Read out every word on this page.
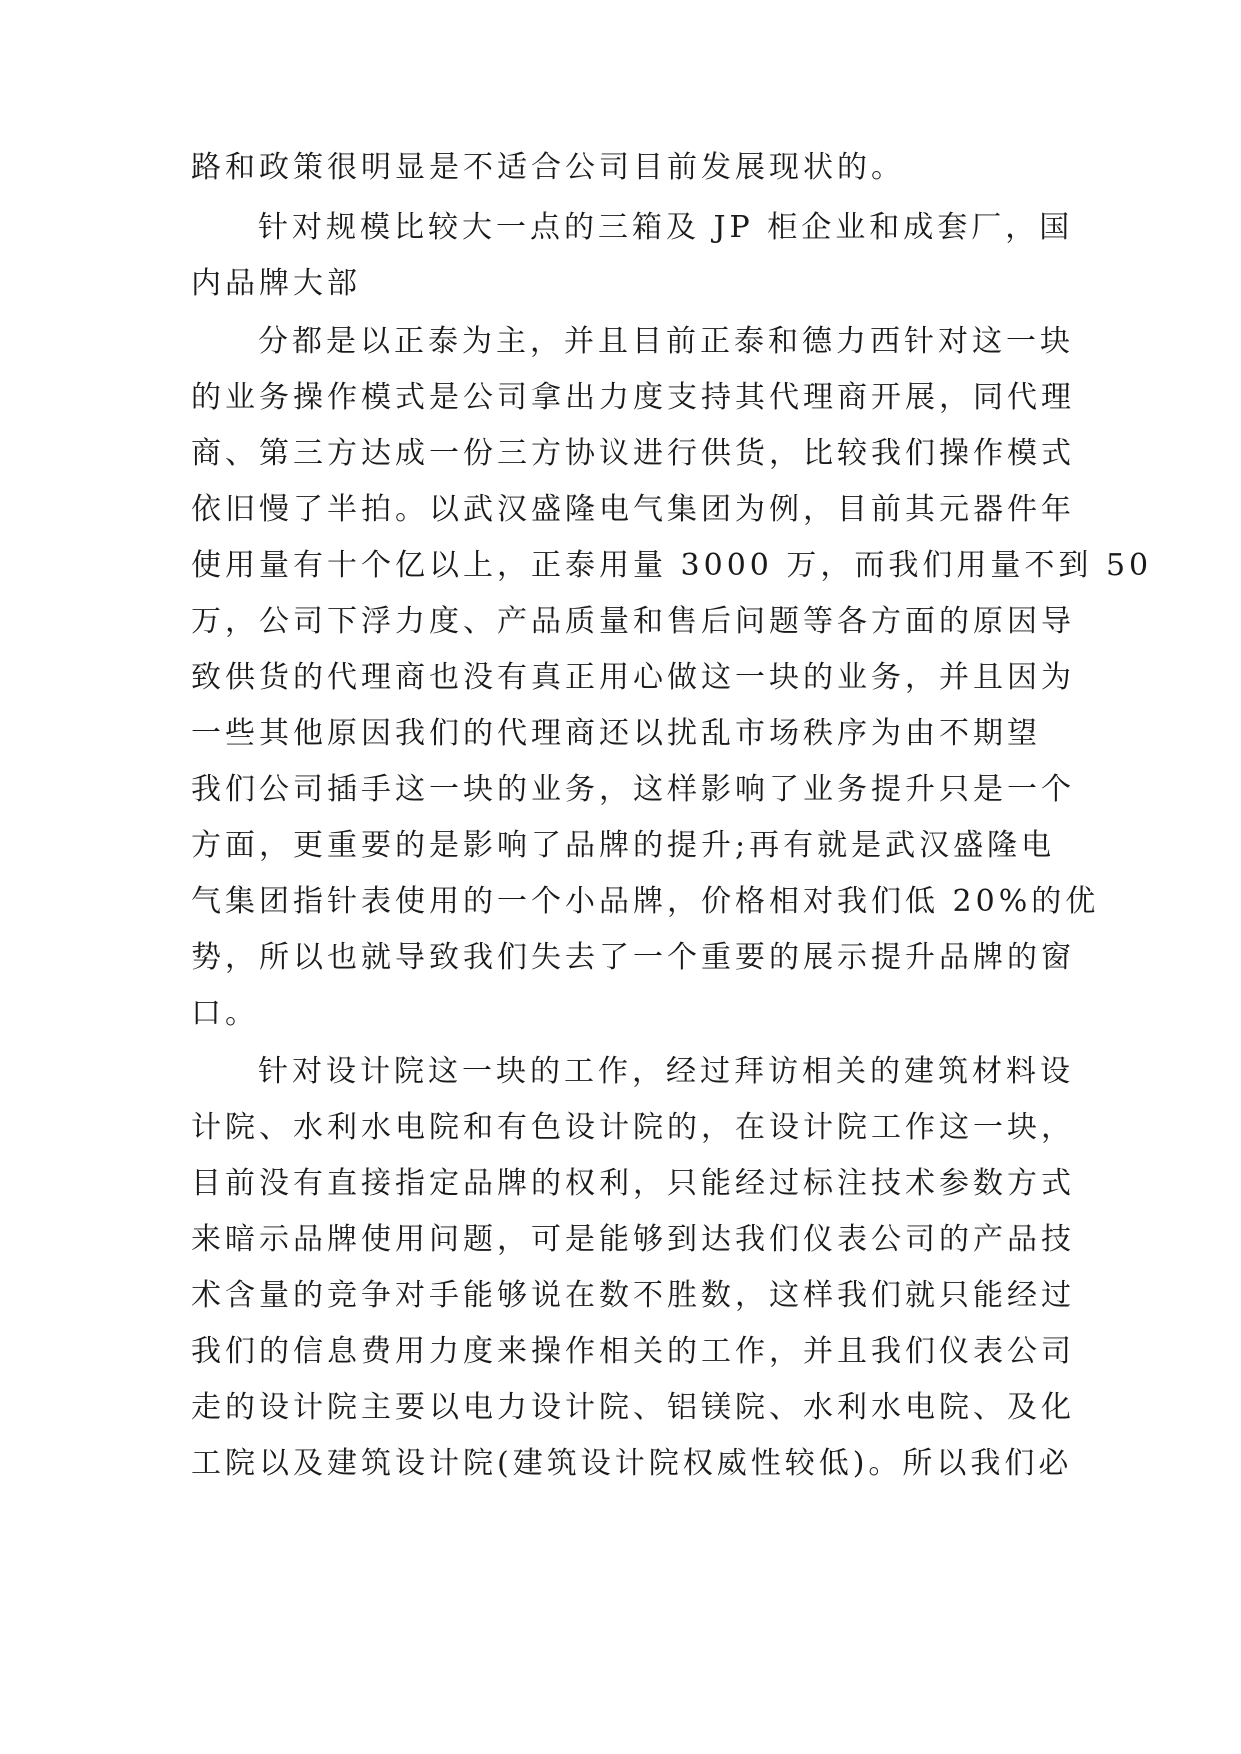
路和政策很明显是不适合公司目前发展现状的。
针对规模比较大一点的三箱及 JP 柜企业和成套厂，国
内品牌大部
分都是以正泰为主，并且目前正泰和德力西针对这一块
的业务操作模式是公司拿出力度支持其代理商开展，同代理
商、第三方达成一份三方协议进行供货，比较我们操作模式
依旧慢了半拍。以武汉盛隆电气集团为例，目前其元器件年
使用量有十个亿以上，正泰用量 3000 万，而我们用量不到 50
万，公司下浮力度、产品质量和售后问题等各方面的原因导
致供货的代理商也没有真正用心做这一块的业务，并且因为
一些其他原因我们的代理商还以扰乱市场秩序为由不期望
我们公司插手这一块的业务，这样影响了业务提升只是一个
方面，更重要的是影响了品牌的提升;再有就是武汉盛隆电
气集团指针表使用的一个小品牌，价格相对我们低 20%的优
势，所以也就导致我们失去了一个重要的展示提升品牌的窗
口。
针对设计院这一块的工作，经过拜访相关的建筑材料设
计院、水利水电院和有色设计院的，在设计院工作这一块，
目前没有直接指定品牌的权利，只能经过标注技术参数方式
来暗示品牌使用问题，可是能够到达我们仪表公司的产品技
术含量的竞争对手能够说在数不胜数，这样我们就只能经过
我们的信息费用力度来操作相关的工作，并且我们仪表公司
走的设计院主要以电力设计院、铝镁院、水利水电院、及化
工院以及建筑设计院(建筑设计院权威性较低)。所以我们必
